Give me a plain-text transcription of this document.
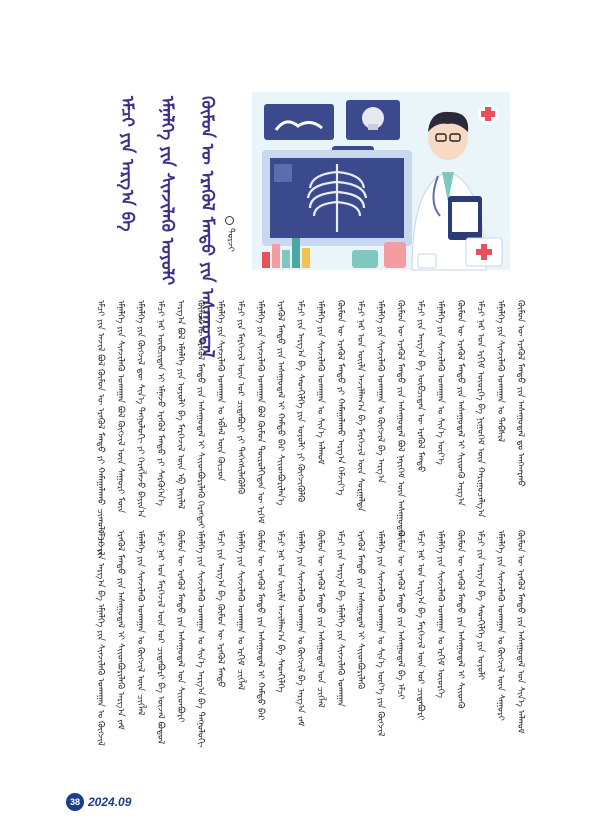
ᠡᠮᠴᠢ ᠶᠢᠨ ᠠᠷᠭ᠎ᠠ ᠪᠠ ᠡᠮᠨᠡᠯᠭᠡ ᠶᠢᠨ ᠰᠢᠨᠵᠢᠯᠡᠬᠦ ᠤᠶᠤᠯᠢ ᠬᠦᠮᠦᠨ ᠦ ᠡᠷᠡᠬᠦᠯ ᠮᠡᠨᠳᠦ ᠶᠢᠨ ᠠᠰᠠᠭᠤᠳᠠᠯ ᠳᠣᠷᠵᠢ
ᠡᠮᠴᠢ ᠶᠢᠨ ᠠᠵᠢᠯ ᠪᠣᠯ ᠬᠦᠮᠦᠨ ᠦ ᠡᠷᠡᠬᠦᠯ ᠮᠡᠨᠳᠦ ᠶᠢ ᠬᠠᠮᠠᠭᠠᠯᠠᠬᠤ ᠴᠢᠬᠤᠯᠠ ᠠᠵᠢᠯ	ᠡᠮᠨᠡᠯᠭᠡ ᠶᠢᠨ ᠰᠢᠨᠵᠢᠯᠡᠬᠦ ᠤᠬᠠᠭᠠᠨ ᠪᠣᠯ ᠬᠥᠭᠵᠢᠯ ᠦᠨ ᠰᠠᠭᠤᠷᠢ ᠮᠥᠨ	ᠡᠮᠨᠡᠯᠭᠡ ᠶᠢᠨ ᠬᠥᠭᠵᠢᠯ ᠳᠦ ᠰᠢᠨ᠎ᠡ ᠲᠡᠭᠨᠣᠯᠣᠭᠢ ᠶᠢ ᠬᠡᠷᠡᠭᠯᠡᠵᠦ ᠪᠠᠶᠢᠨ᠎ᠠ	ᠡᠮᠴᠢ ᠨᠠᠷ ᠥᠪᠴᠢᠲᠡᠨ ᠢ ᠡᠮᠨᠡᠵᠦ ᠡᠷᠡᠬᠦᠯ ᠮᠡᠨᠳᠦ ᠶᠢ ᠰᠡᠷᠭᠦᠭᠡᠨ᠎ᠡ	ᠠᠷᠭ᠎ᠠ ᠪᠣᠯ ᠡᠮᠨᠡᠯᠭᠡ ᠶᠢᠨ ᠤᠶᠤᠯᠢ ᠪᠠ ᠮᠡᠷᠭᠡᠵᠢᠯ ᠦᠨ ᠡᠪ ᠨᠡᠶᠢᠯᠡᠯ	ᠬᠦᠮᠦᠨ ᠦ ᠡᠷᠡᠬᠦᠯ ᠮᠡᠨᠳᠦ ᠶᠢᠨ ᠠᠰᠠᠭᠤᠳᠠᠯ ᠢ ᠰᠢᠢᠳᠪᠦᠷᠢᠯᠡᠬᠦ ᠬᠡᠷᠡᠭᠲᠡᠢ	ᠡᠮᠨᠡᠯᠭᠡ ᠶᠢᠨ ᠰᠢᠨᠵᠢᠯᠡᠬᠦ ᠤᠬᠠᠭᠠᠨ ᠤ ᠡᠪᠯᠡᠯ ᠦᠨ ᠬᠦᠴᠦᠨ	ᠡᠮᠴᠢ ᠶᠢᠨ ᠮᠡᠷᠭᠡᠵᠢᠯ ᠦᠨ ᠤᠷ ᠴᠢᠳᠠᠪᠤᠷᠢ ᠶᠢ ᠳᠡᠭᠡᠭᠰᠢᠯᠡᠭᠦᠯᠬᠦ	ᠡᠮᠨᠡᠯᠭᠡ ᠶᠢᠨ ᠰᠢᠨᠵᠢᠯᠡᠬᠦ ᠤᠬᠠᠭᠠᠨ ᠪᠣᠯ ᠬᠦᠮᠦᠨ ᠲᠥᠷᠥᠯᠬᠢᠲᠡᠨ ᠦ ᠡᠷᠬᠡᠮ	ᠡᠷᠡᠬᠦᠯ ᠮᠡᠨᠳᠦ ᠶᠢᠨ ᠠᠰᠠᠭᠤᠳᠠᠯ ᠢ ᠬᠠᠮᠲᠤ ᠪᠡᠷ ᠰᠢᠢᠳᠪᠦᠷᠢᠯᠡᠨ᠎ᠡ	ᠡᠮᠴᠢ ᠶᠢᠨ ᠠᠷᠭ᠎ᠠ ᠪᠠ ᠰᠡᠳᠬᠢᠯᠭᠡ ᠶᠢᠨ ᠤᠶᠤᠯᠢ ᠶᠢ ᠬᠥᠭᠵᠢᠭᠦᠯᠬᠦ	ᠡᠮᠨᠡᠯᠭᠡ ᠶᠢᠨ ᠰᠢᠨᠵᠢᠯᠡᠬᠦ ᠤᠬᠠᠭᠠᠨ ᠤ ᠰᠢᠨ᠎ᠡ ᠠᠯᠬᠤᠮ	ᠬᠦᠮᠦᠨ ᠦ ᠡᠷᠡᠬᠦᠯ ᠮᠡᠨᠳᠦ ᠶᠢ ᠬᠠᠮᠠᠭᠠᠯᠠᠬᠤ ᠠᠷᠭ᠎ᠠ ᠬᠡᠮᠵᠢᠶ᠎ᠡ	ᠡᠮᠴᠢ ᠨᠠᠷ ᠤᠨ ᠦᠢᠯᠡ ᠠᠵᠢᠯᠯᠠᠭ᠎ᠠ ᠪᠠ ᠮᠡᠷᠭᠡᠵᠢᠯ ᠦᠨ ᠰᠤᠷᠭᠠᠯᠳᠠ	ᠡᠮᠨᠡᠯᠭᠡ ᠶᠢᠨ ᠰᠢᠨᠵᠢᠯᠡᠬᠦ ᠤᠬᠠᠭᠠᠨ ᠤ ᠬᠥᠭᠵᠢᠯ ᠪᠠ ᠠᠷᠭ᠎ᠠ	ᠬᠦᠮᠦᠨ ᠦ ᠡᠷᠡᠬᠦᠯ ᠮᠡᠨᠳᠦ ᠶᠢᠨ ᠠᠰᠠᠭᠤᠳᠠᠯ ᠪᠣᠯ ᠨᠡᠶᠢᠭᠡᠮ ᠦᠨ ᠠᠰᠠᠭᠤᠳᠠᠯ	ᠡᠮᠴᠢ ᠶᠢᠨ ᠠᠷᠭ᠎ᠠ ᠪᠠ ᠥᠪᠴᠢᠲᠡᠨ ᠦ ᠡᠷᠡᠬᠦᠯ ᠮᠡᠨᠳᠦ	ᠡᠮᠨᠡᠯᠭᠡ ᠶᠢᠨ ᠰᠢᠨᠵᠢᠯᠡᠬᠦ ᠤᠬᠠᠭᠠᠨ ᠤ ᠰᠢᠨ᠎ᠡ ᠦᠶ᠎ᠡ	ᠬᠦᠮᠦᠨ ᠦ ᠡᠷᠡᠬᠦᠯ ᠮᠡᠨᠳᠦ ᠶᠢᠨ ᠠᠰᠠᠭᠤᠳᠠᠯ ᠢ ᠰᠢᠢᠳᠬᠦ ᠠᠷᠭ᠎ᠠ	ᠡᠮᠴᠢ ᠨᠠᠷ ᠤᠨ ᠡᠷᠬᠢᠮ ᠦᠦᠷᠭᠡ ᠪᠠ ᠨᠢᠭᠤᠭᠡᠮ ᠦᠨ ᠬᠠᠷᠢᠭᠤᠴᠠᠯᠭ᠎ᠠ	ᠡᠮᠨᠡᠯᠭᠡ ᠶᠢᠨ ᠰᠢᠨᠵᠢᠯᠡᠬᠦ ᠤᠬᠠᠭᠠᠨ ᠤ ᠳᠡᠪᠰᠢᠯ	ᠬᠦᠮᠦᠨ ᠦ ᠡᠷᠡᠬᠦᠯ ᠮᠡᠨᠳᠦ ᠶᠢᠨ ᠠᠰᠠᠭᠤᠳᠠᠯ ᠳᠤ ᠠᠩᠬᠠᠷᠬᠤ
ᠡᠮᠴᠢ ᠶᠢᠨ ᠠᠷᠭ᠎ᠠ ᠪᠠ ᠡᠮᠨᠡᠯᠭᠡ ᠶᠢᠨ ᠰᠢᠨᠵᠢᠯᠡᠬᠦ ᠤᠬᠠᠭᠠᠨ ᠤ ᠬᠥᠭᠵᠢᠯ	ᠡᠷᠡᠬᠦᠯ ᠮᠡᠨᠳᠦ ᠶᠢᠨ ᠠᠰᠠᠭᠤᠳᠠᠯ ᠢ ᠰᠢᠢᠳᠪᠦᠷᠢᠯᠡᠬᠦ ᠠᠷᠭ᠎ᠠ ᠵᠠᠮ	ᠡᠮᠨᠡᠯᠭᠡ ᠶᠢᠨ ᠰᠢᠨᠵᠢᠯᠡᠬᠦ ᠤᠬᠠᠭᠠᠨ ᠤ ᠬᠥᠭᠵᠢᠯ ᠦᠨ ᠴᠢᠭᠯᠡᠯ	ᠡᠮᠴᠢ ᠨᠠᠷ ᠤᠨ ᠮᠡᠷᠭᠡᠵᠢᠯ ᠦᠨ ᠤᠷ ᠴᠢᠳᠠᠪᠤᠷᠢ ᠪᠠ ᠦᠵᠡᠯ ᠪᠣᠳᠤᠯ	ᠬᠦᠮᠦᠨ ᠦ ᠡᠷᠡᠬᠦᠯ ᠮᠡᠨᠳᠦ ᠶᠢᠨ ᠠᠰᠠᠭᠤᠳᠠᠯ ᠤᠨ ᠰᠢᠢᠳᠪᠦᠷᠢ	ᠡᠮᠨᠡᠯᠭᠡ ᠶᠢᠨ ᠰᠢᠨᠵᠢᠯᠡᠬᠦ ᠤᠬᠠᠭᠠᠨ ᠤ ᠰᠢᠨ᠎ᠡ ᠠᠷᠭ᠎ᠠ ᠪᠠ ᠲᠡᠭᠨᠣᠯᠣᠭᠢ	ᠡᠮᠴᠢ ᠶᠢᠨ ᠠᠷᠭ᠎ᠠ ᠪᠠ ᠬᠦᠮᠦᠨ ᠦ ᠡᠷᠡᠬᠦᠯ ᠮᠡᠨᠳᠦ	ᠡᠮᠨᠡᠯᠭᠡ ᠶᠢᠨ ᠰᠢᠨᠵᠢᠯᠡᠬᠦ ᠤᠬᠠᠭᠠᠨ ᠤ ᠡᠷᠬᠢᠮ ᠴᠢᠭᠯᠡᠯ	ᠬᠦᠮᠦᠨ ᠦ ᠡᠷᠡᠬᠦᠯ ᠮᠡᠨᠳᠦ ᠶᠢᠨ ᠠᠰᠠᠭᠤᠳᠠᠯ ᠢ ᠬᠠᠮᠲᠤ ᠪᠡᠷ	ᠡᠮᠴᠢ ᠨᠠᠷ ᠤᠨ ᠦᠢᠯᠡ ᠠᠵᠢᠯᠯᠠᠭ᠎ᠠ ᠪᠠ ᠰᠡᠳᠬᠢᠯᠭᠡ	ᠡᠮᠨᠡᠯᠭᠡ ᠶᠢᠨ ᠰᠢᠨᠵᠢᠯᠡᠬᠦ ᠤᠬᠠᠭᠠᠨ ᠤ ᠬᠥᠭᠵᠢᠯ ᠪᠠ ᠠᠷᠭ᠎ᠠ ᠵᠠᠮ	ᠬᠦᠮᠦᠨ ᠦ ᠡᠷᠡᠬᠦᠯ ᠮᠡᠨᠳᠦ ᠶᠢᠨ ᠠᠰᠠᠭᠤᠳᠠᠯ ᠤᠨ ᠴᠢᠭᠯᠡᠯ	ᠡᠮᠴᠢ ᠶᠢᠨ ᠠᠷᠭ᠎ᠠ ᠪᠠ ᠡᠮᠨᠡᠯᠭᠡ ᠶᠢᠨ ᠰᠢᠨᠵᠢᠯᠡᠬᠦ ᠤᠬᠠᠭᠠᠨ	ᠡᠷᠡᠬᠦᠯ ᠮᠡᠨᠳᠦ ᠶᠢᠨ ᠠᠰᠠᠭᠤᠳᠠᠯ ᠢ ᠰᠢᠢᠳᠪᠦᠷᠢᠯᠡᠬᠦ	ᠡᠮᠨᠡᠯᠭᠡ ᠶᠢᠨ ᠰᠢᠨᠵᠢᠯᠡᠬᠦ ᠤᠬᠠᠭᠠᠨ ᠤ ᠰᠢᠨ᠎ᠡ ᠦᠶ᠎ᠡ ᠶᠢᠨ ᠬᠥᠭᠵᠢᠯ	ᠬᠦᠮᠦᠨ ᠦ ᠡᠷᠡᠬᠦᠯ ᠮᠡᠨᠳᠦ ᠶᠢᠨ ᠠᠰᠠᠭᠤᠳᠠᠯ ᠪᠠ ᠡᠮᠴᠢ	ᠡᠮᠴᠢ ᠨᠠᠷ ᠤᠨ ᠠᠷᠭ᠎ᠠ ᠪᠠ ᠮᠡᠷᠭᠡᠵᠢᠯ ᠦᠨ ᠤᠷ ᠴᠢᠳᠠᠪᠤᠷᠢ	ᠡᠮᠨᠡᠯᠭᠡ ᠶᠢᠨ ᠰᠢᠨᠵᠢᠯᠡᠬᠦ ᠤᠬᠠᠭᠠᠨ ᠤ ᠡᠷᠬᠢᠮ ᠦᠦᠷᠭᠡ	ᠬᠦᠮᠦᠨ ᠦ ᠡᠷᠡᠬᠦᠯ ᠮᠡᠨᠳᠦ ᠶᠢᠨ ᠠᠰᠠᠭᠤᠳᠠᠯ ᠢ ᠰᠢᠢᠳᠬᠦ	ᠡᠮᠴᠢ ᠶᠢᠨ ᠠᠷᠭ᠎ᠠ ᠪᠠ ᠰᠡᠳᠬᠢᠯᠭᠡ ᠶᠢᠨ ᠤᠶᠤᠯᠢ	ᠡᠮᠨᠡᠯᠭᠡ ᠶᠢᠨ ᠰᠢᠨᠵᠢᠯᠡᠬᠦ ᠤᠬᠠᠭᠠᠨ ᠤ ᠬᠥᠭᠵᠢᠯ ᠦᠨ ᠰᠠᠭᠤᠷᠢ	ᠬᠦᠮᠦᠨ ᠦ ᠡᠷᠡᠬᠦᠯ ᠮᠡᠨᠳᠦ ᠶᠢᠨ ᠠᠰᠠᠭᠤᠳᠠᠯ ᠤᠨ ᠰᠢᠨ᠎ᠡ ᠠᠯᠬᠤᠮ
38 2024.09
